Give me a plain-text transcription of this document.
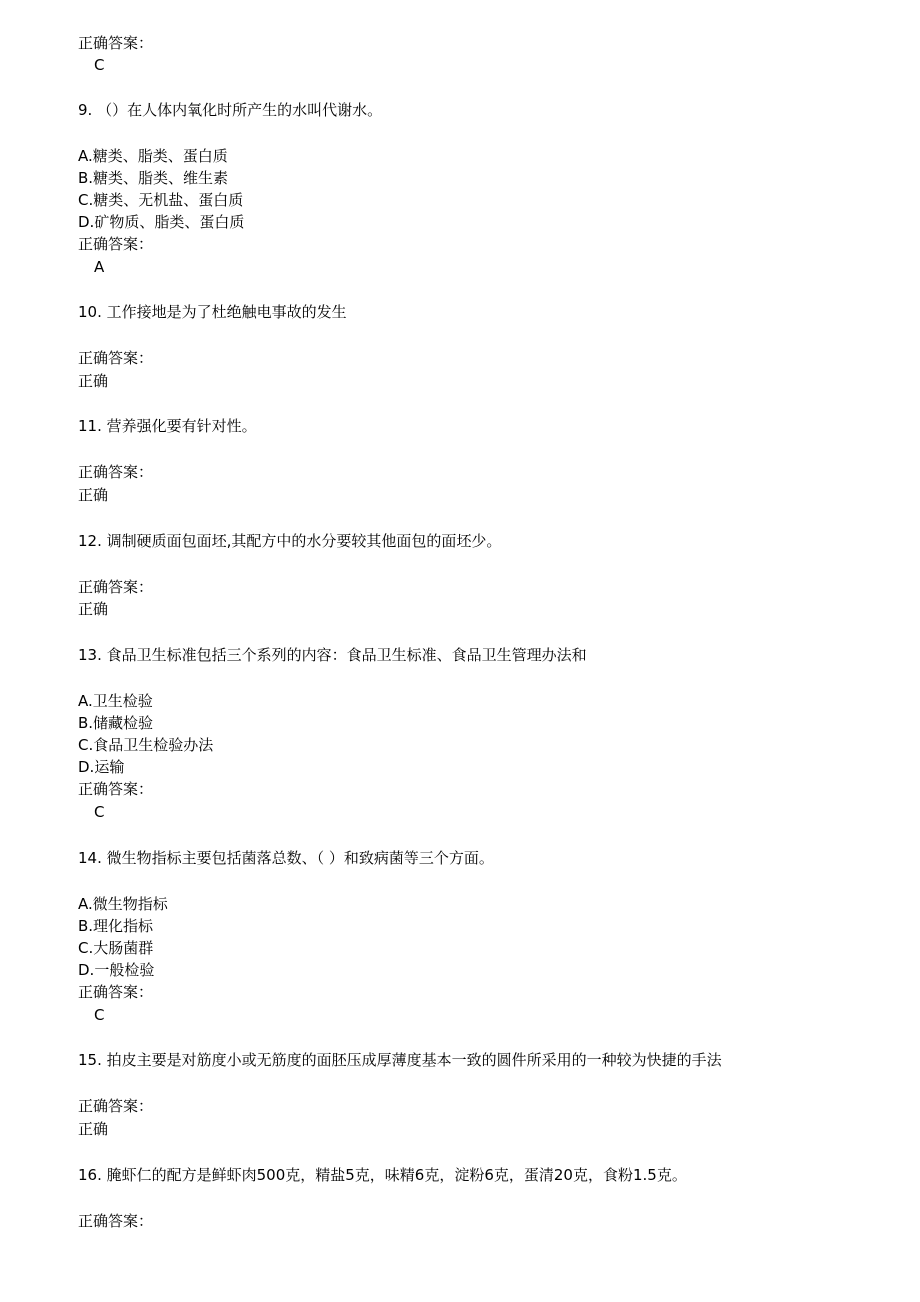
正确答案：
C
9. （）在人体内氧化时所产生的水叫代谢水。
A.糖类、脂类、蛋白质
B.糖类、脂类、维生素
C.糖类、无机盐、蛋白质
D.矿物质、脂类、蛋白质
正确答案：
A
10. 工作接地是为了杜绝触电事故的发生
正确答案：
正确
11. 营养强化要有针对性。
正确答案：
正确
12. 调制硬质面包面坯,其配方中的水分要较其他面包的面坯少。
正确答案：
正确
13. 食品卫生标准包括三个系列的内容：食品卫生标准、食品卫生管理办法和
A.卫生检验
B.储藏检验
C.食品卫生检验办法
D.运输
正确答案：
C
14. 微生物指标主要包括菌落总数、（ ）和致病菌等三个方面。
A.微生物指标
B.理化指标
C.大肠菌群
D.一般检验
正确答案：
C
15. 拍皮主要是对筋度小或无筋度的面胚压成厚薄度基本一致的圆件所采用的一种较为快捷的手法
正确答案：
正确
16. 腌虾仁的配方是鲜虾肉500克，精盐5克，味精6克，淀粉6克，蛋清20克，食粉1.5克。
正确答案：
